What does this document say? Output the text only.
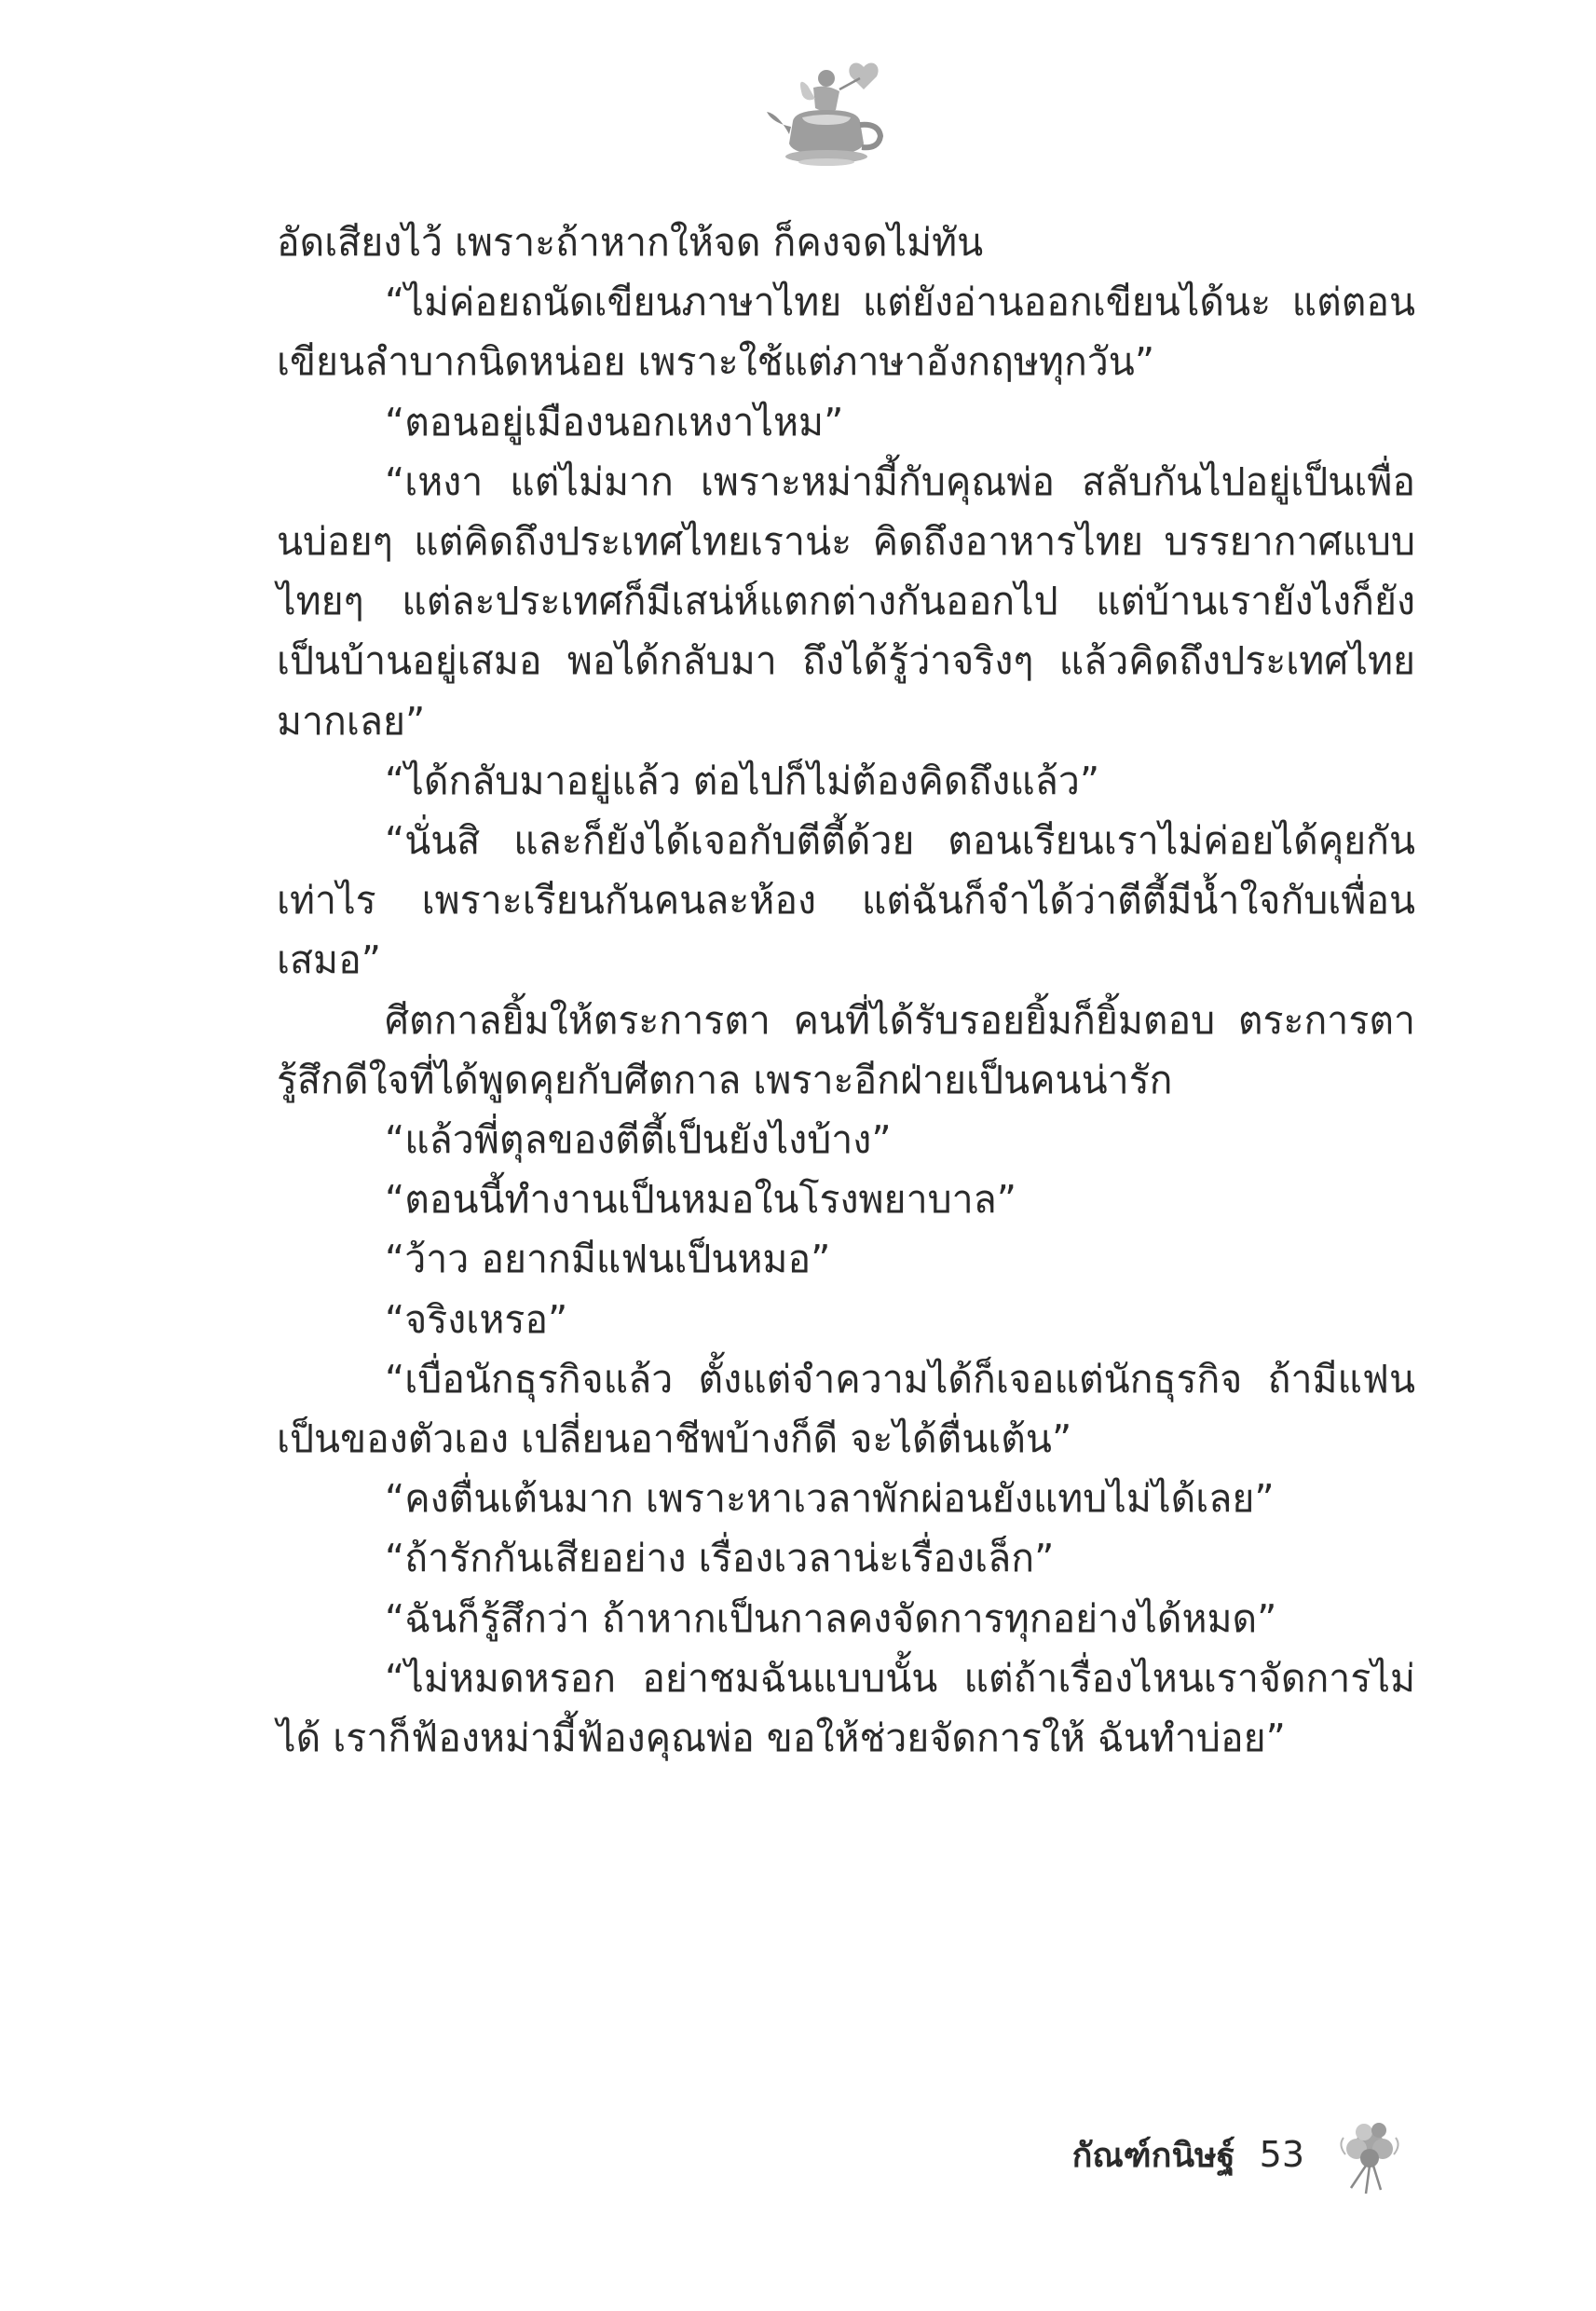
อัดเสียงไว้ เพราะถ้าหากให้จด ก็คงจดไม่ทัน

“ไม่ค่อยถนัดเขียนภาษาไทย แต่ยังอ่านออกเขียนได้นะ แต่ตอนเขียนลำบากนิดหน่อย เพราะใช้แต่ภาษาอังกฤษทุกวัน”

“ตอนอยู่เมืองนอกเหงาไหม”

“เหงา แต่ไม่มาก เพราะหม่ามี้กับคุณพ่อ สลับกันไปอยู่เป็นเพื่อนบ่อยๆ แต่คิดถึงประเทศไทยเราน่ะ คิดถึงอาหารไทย บรรยากาศแบบไทยๆ แต่ละประเทศก็มีเสน่ห์แตกต่างกันออกไป แต่บ้านเรายังไงก็ยังเป็นบ้านอยู่เสมอ พอได้กลับมา ถึงได้รู้ว่าจริงๆ แล้วคิดถึงประเทศไทยมากเลย”

“ได้กลับมาอยู่แล้ว ต่อไปก็ไม่ต้องคิดถึงแล้ว”

“นั่นสิ และก็ยังได้เจอกับตีตี้ด้วย ตอนเรียนเราไม่ค่อยได้คุยกันเท่าไร เพราะเรียนกันคนละห้อง แต่ฉันก็จำได้ว่าตีตี้มีน้ำใจกับเพื่อนเสมอ”

ศีตกาลยิ้มให้ตระการตา คนที่ได้รับรอยยิ้มก็ยิ้มตอบ ตระการตารู้สึกดีใจที่ได้พูดคุยกับศีตกาล เพราะอีกฝ่ายเป็นคนน่ารัก

“แล้วพี่ตุลของตีตี้เป็นยังไงบ้าง”

“ตอนนี้ทำงานเป็นหมอในโรงพยาบาล”

“ว้าว อยากมีแฟนเป็นหมอ”

“จริงเหรอ”

“เบื่อนักธุรกิจแล้ว ตั้งแต่จำความได้ก็เจอแต่นักธุรกิจ ถ้ามีแฟนเป็นของตัวเอง เปลี่ยนอาชีพบ้างก็ดี จะได้ตื่นเต้น”

“คงตื่นเต้นมาก เพราะหาเวลาพักผ่อนยังแทบไม่ได้เลย”

“ถ้ารักกันเสียอย่าง เรื่องเวลาน่ะเรื่องเล็ก”

“ฉันก็รู้สึกว่า ถ้าหากเป็นกาลคงจัดการทุกอย่างได้หมด”

“ไม่หมดหรอก อย่าชมฉันแบบนั้น แต่ถ้าเรื่องไหนเราจัดการไม่ได้ เราก็ฟ้องหม่ามี้ฟ้องคุณพ่อ ขอให้ช่วยจัดการให้ ฉันทำบ่อย”

กัณฑ์กนิษฐ์ 53
